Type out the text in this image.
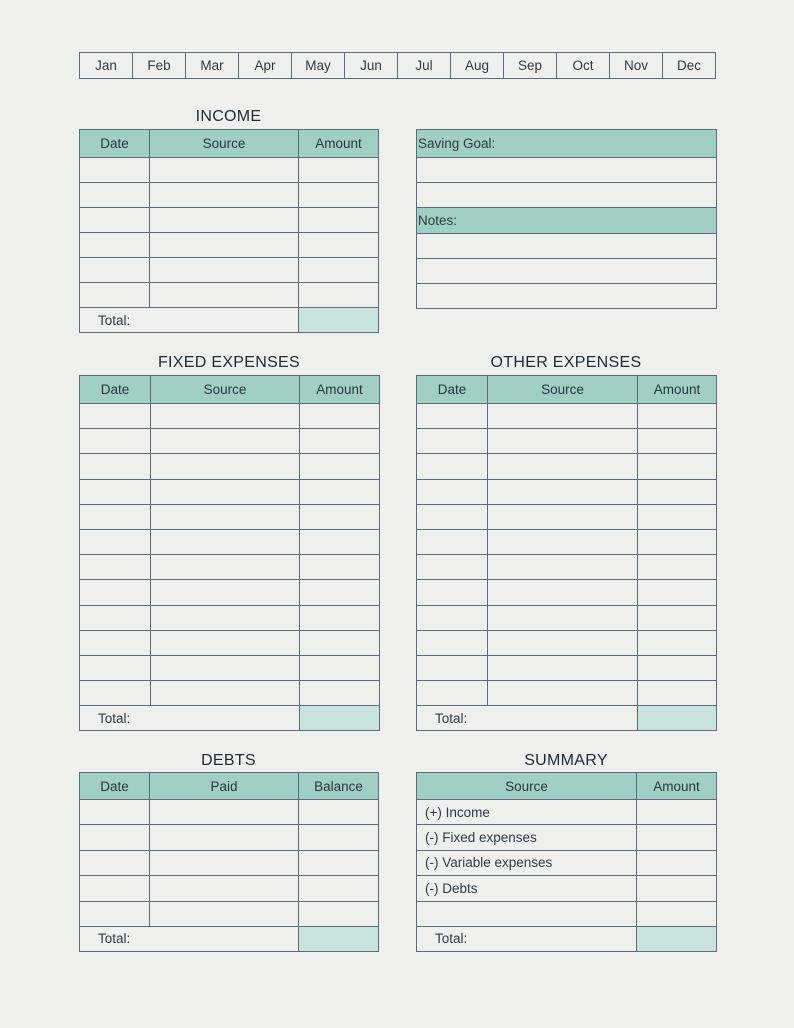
Jan	Feb	Mar	Apr	May	Jun	Jul	Aug	Sep	Oct	Nov	Dec
INCOME
Date	Source	Amount

Total:		
Saving Goal:

Notes:

FIXED EXPENSES
Date	Source	Amount

Total:		
OTHER EXPENSES
Date	Source	Amount

Total:		
DEBTS
Date	Paid	Balance

Total:		
SUMMARY
Source	Amount
(+) Income	
(-) Fixed expenses	
(-) Variable expenses	
(-) Debts	

Total:	
